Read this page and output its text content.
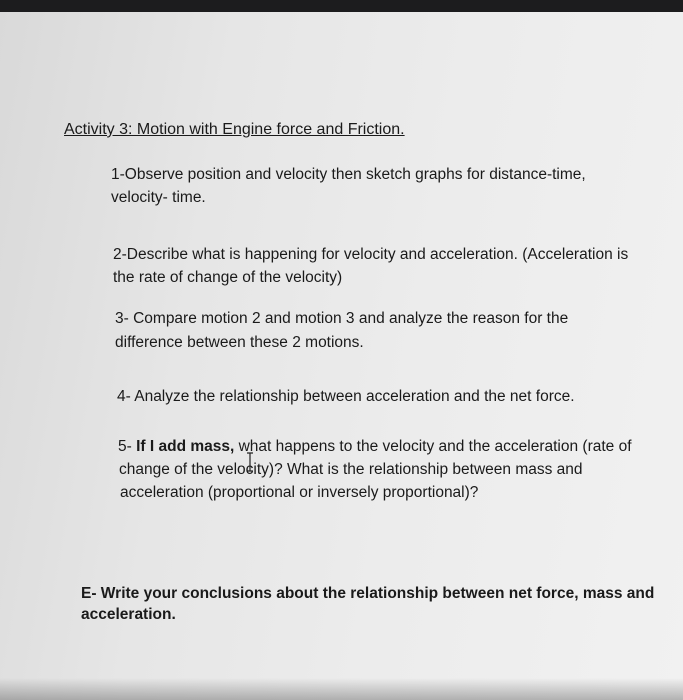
Activity 3: Motion with Engine force and Friction.

1-Observe position and velocity then sketch graphs for distance-time,

velocity- time.

2-Describe what is happening for velocity and acceleration. (Acceleration is

the rate of change of the velocity)

3- Compare motion 2 and motion 3 and analyze the reason for the

difference between these 2 motions.

4- Analyze the relationship between acceleration and the net force.

5- If I add mass, what happens to the velocity and the acceleration (rate of

change of the velocity)? What is the relationship between mass and

acceleration (proportional or inversely proportional)?

E- Write your conclusions about the relationship between net force, mass and

acceleration.
